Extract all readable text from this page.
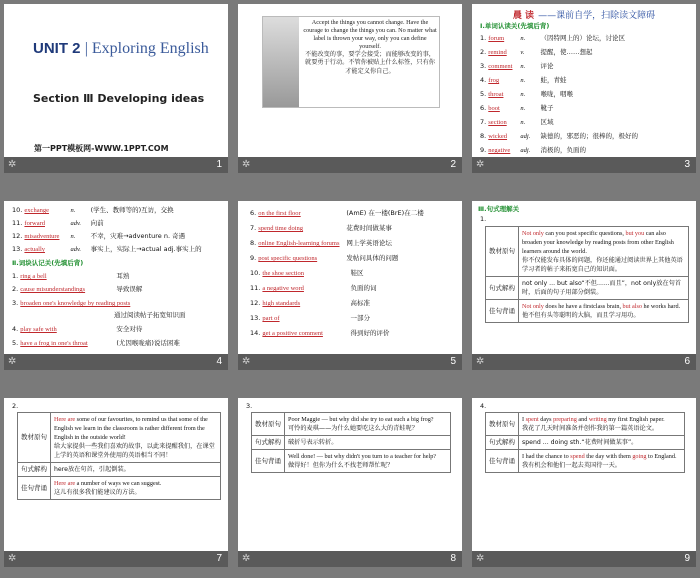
UNIT 2 | Exploring English
Section Ⅲ Developing ideas
第一PPT模板网-WWW.1PPT.COM
✲	1
Accept the things you cannot change. Have the courage to change the things you can. No matter what label is thrown your way, only you can define yourself.
不能改变的事，要学会接受；而能够改变的事，就要勇于行动。不管你被贴上什么标签，只有你才能定义你自己。
✲	2
晨 读 ——课前自学，扫除读文障碍
Ⅰ.单词认读关(先填后背)
1. forum n. （因特网上的）论坛，讨论区
2. remind v. 提醒，使……想起
3. comment n. 评论
4. frog	n. 蛙，青蛙
5. throat	n. 喉咙，咽喉
6. boot	n. 靴子
7. section n. 区域
8. wicked adj. 缺德的，邪恶的；很棒的，极好的
9. negative adj. 消极的，负面的
✲	3
10. exchange	n. (学生、教师等的)互访，交换
11. forward	adv. 向前
12. misadventure n. 不幸，灾难→adventure n. 奇遇
13. actually	adv. 事实上，实际上→actual adj.事实上的
Ⅱ.词块认记关(先填后背)
1. ring a bell	耳熟
2. cause misunderstandings	导致误解
3. broaden one's knowledge by reading posts
通过阅读帖子拓宽知识面
4. play safe with	安全对待
5. have a frog in one's throat	(尤因喉咙痛)说话困难
✲	4
6. on the first floor	(AmE) 在一楼(BrE)在二楼
7. spend time doing	花费时间做某事
8. online English-learning forums 网上学英语论坛
9. post specific questions	发帖问具体的问题
10. the shoe section	鞋区
11. a negative word	负面的词
12. high standards	高标准
13. part of	一部分
14. get a positive comment	得到好的评价
✲	5
Ⅲ.句式理解关
1.
教材原句	Not only can you post specific questions, but you can also broaden your knowledge by reading posts from other English learners around the world.
你不仅能发布具体的问题，你还能通过阅读世界上其他英语学习者的帖子来拓宽自己的知识面。

句式解构	not only ... but also“不但……而且”，not only放在句首时，后面的句子用部分倒装。
佳句背诵	Not only does he have a firstclass brain, but also he works hard.
他不但有头等聪明的大脑，而且学习用功。
✲	6
2.
教材原句	Here are some of our favourites, to remind us that some of the English we learn in the classroom is rather different from the English in the outside world!
给大家提供一些我们喜欢的故事，以此来提醒我们，在课堂上学的英语和课堂外使用的英语相当不同！

句式解构	here放在句首，引起倒装。
佳句背诵	Here are a number of ways we can suggest.
这儿有很多我们能建议的方法。
✲	7
3.
教材原句	Poor Maggie — but why did she try to eat such a big frog?
可怜的麦琪——为什么她要吃这么大的青蛙呢？

句式解构	破折号表示转折。
佳句背诵	Well done! — but why didn't you turn to a teacher for help?
做得好！但你为什么不找老师帮忙呢？
✲	8
4.
教材原句	I spent days preparing and writing my first English paper.
我花了几天时间准备并创作我的第一篇英语论文。

句式解构	spend ... doing sth.“花费时间做某事”。
佳句背诵	I had the chance to spend the day with them going to England.
我有机会和他们一起去英国待一天。
✲	9
